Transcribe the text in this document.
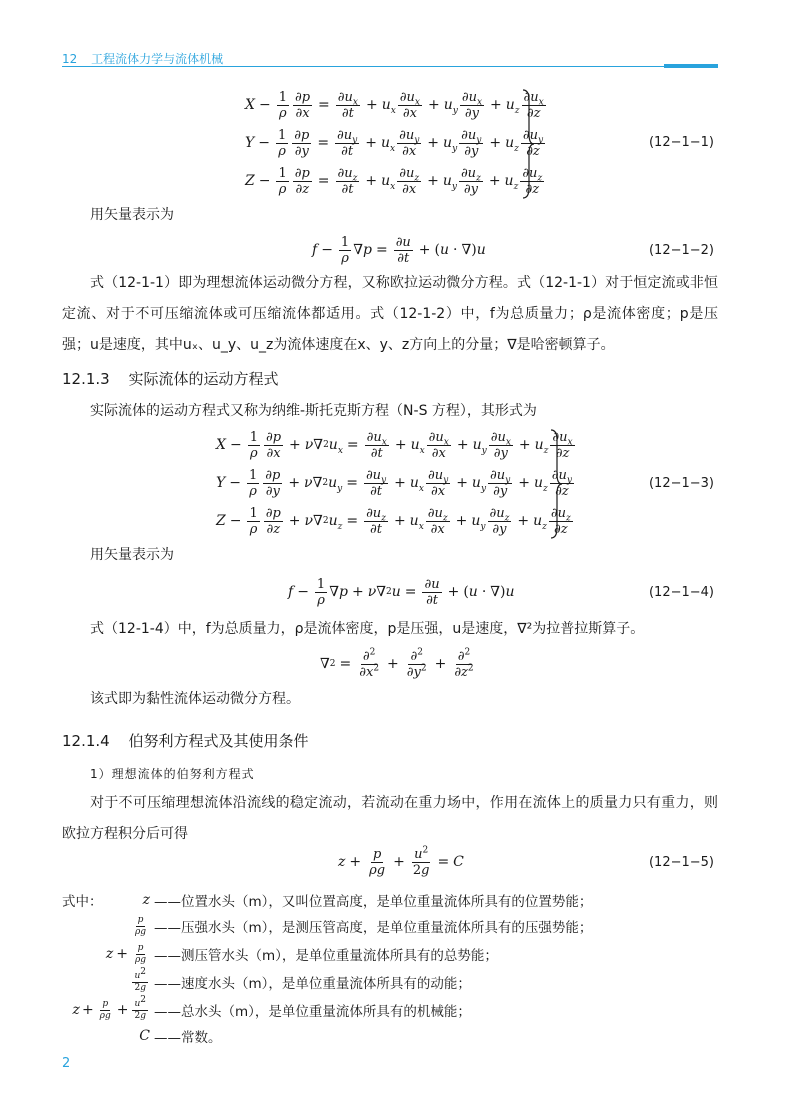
12 工程流体力学与流体机械
$X - \frac{1}{\rho} \frac{\partial p}{\partial x} = \frac{\partial u_x}{\partial t} + u_x \frac{\partial u_x}{\partial x} + u_y \frac{\partial u_x}{\partial y} + u_z \frac{\partial u_x}{\partial z}$
$Y - \frac{1}{\rho} \frac{\partial p}{\partial y} = \frac{\partial u_y}{\partial t} + u_x \frac{\partial u_y}{\partial x} + u_y \frac{\partial u_y}{\partial y} + u_z \frac{\partial u_y}{\partial z}$
$Z - \frac{1}{\rho} \frac{\partial p}{\partial z} = \frac{\partial u_z}{\partial t} + u_x \frac{\partial u_z}{\partial x} + u_y \frac{\partial u_z}{\partial y} + u_z \frac{\partial u_z}{\partial z}$
(12−1−1)
用矢量表示为
$f - \frac{1}{\rho}$ ∇ $p = \frac{\partial u}{\partial t}$ + ( u · ∇) u	(12−1−2)
式（12-1-1）即为理想流体运动微分方程，又称欧拉运动微分方程。式（12-1-1）对于恒定流或非恒定流、对于不可压缩流体或可压缩流体都适用。式（12-1-2）中，f为总质量力；ρ是流体密度；p是压强；u是速度，其中uₓ、u_y、u_z为流体速度在x、y、z方向上的分量；∇是哈密顿算子。
12.1.3 实际流体的运动方程式
实际流体的运动方程式又称为纳维-斯托克斯方程（N-S 方程），其形式为
$X - \frac{1}{\rho} \frac{\partial p}{\partial x} + \nu$ ∇ 2 $u_x = \frac{\partial u_x}{\partial t} + u_x \frac{\partial u_x}{\partial x} + u_y \frac{\partial u_x}{\partial y} + u_z \frac{\partial u_x}{\partial z}$
$Y - \frac{1}{\rho} \frac{\partial p}{\partial y} + \nu$ ∇ 2 $u_y = \frac{\partial u_y}{\partial t} + u_x \frac{\partial u_y}{\partial x} + u_y \frac{\partial u_y}{\partial y} + u_z \frac{\partial u_y}{\partial z}$
$Z - \frac{1}{\rho} \frac{\partial p}{\partial z} + \nu$ ∇ 2 $u_z = \frac{\partial u_z}{\partial t} + u_x \frac{\partial u_z}{\partial x} + u_y \frac{\partial u_z}{\partial y} + u_z \frac{\partial u_z}{\partial z}$
(12−1−3)
用矢量表示为
$f - \frac{1}{\rho}$ ∇ p + ν ∇ 2 $u = \frac{\partial u}{\partial t}$ + ( u · ∇) u	(12−1−4)
式（12-1-4）中，f为总质量力，ρ是流体密度，p是压强，u是速度，∇²为拉普拉斯算子。
∇ $2 = \frac{\partial^2}{\partial x^2} + \frac{\partial^2}{\partial y^2} + \frac{\partial^2}{\partial z^2}$
该式即为黏性流体运动微分方程。
12.1.4 伯努利方程式及其使用条件
1）理想流体的伯努利方程式
对于不可压缩理想流体沿流线的稳定流动，若流动在重力场中，作用在流体上的质量力只有重力，则欧拉方程积分后可得
$z + \frac{p}{\rho g} + \frac{u^2}{2g} = C$	(12−1−5)
式中：	z ——位置水头（m），又叫位置高度，是单位重量流体所具有的位置势能；
$\frac{p}{\rho g}$ ——压强水头（m），是测压管高度，是单位重量流体所具有的压强势能；
$z + \frac{p}{\rho g}$ ——测压管水头（m），是单位重量流体所具有的总势能；
$\frac{u^2}{2g}$ ——速度水头（m），是单位重量流体所具有的动能；
$z + \frac{p}{\rho g} + \frac{u^2}{2g}$ ——总水头（m），是单位重量流体所具有的机械能；
C ——常数。
2
